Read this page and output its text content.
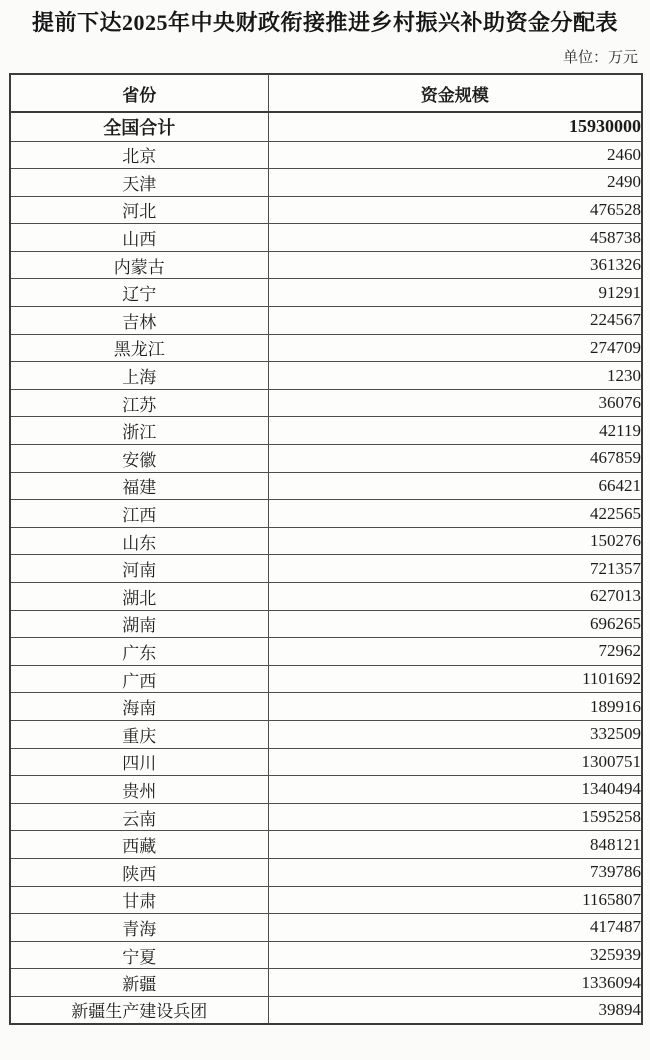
提前下达2025年中央财政衔接推进乡村振兴补助资金分配表
单位：万元
省份	资金规模
全国合计	15930000
北京	2460
天津	2490
河北	476528
山西	458738
内蒙古	361326
辽宁	91291
吉林	224567
黑龙江	274709
上海	1230
江苏	36076
浙江	42119
安徽	467859
福建	66421
江西	422565
山东	150276
河南	721357
湖北	627013
湖南	696265
广东	72962
广西	1101692
海南	189916
重庆	332509
四川	1300751
贵州	1340494
云南	1595258
西藏	848121
陕西	739786
甘肃	1165807
青海	417487
宁夏	325939
新疆	1336094
新疆生产建设兵团	39894
